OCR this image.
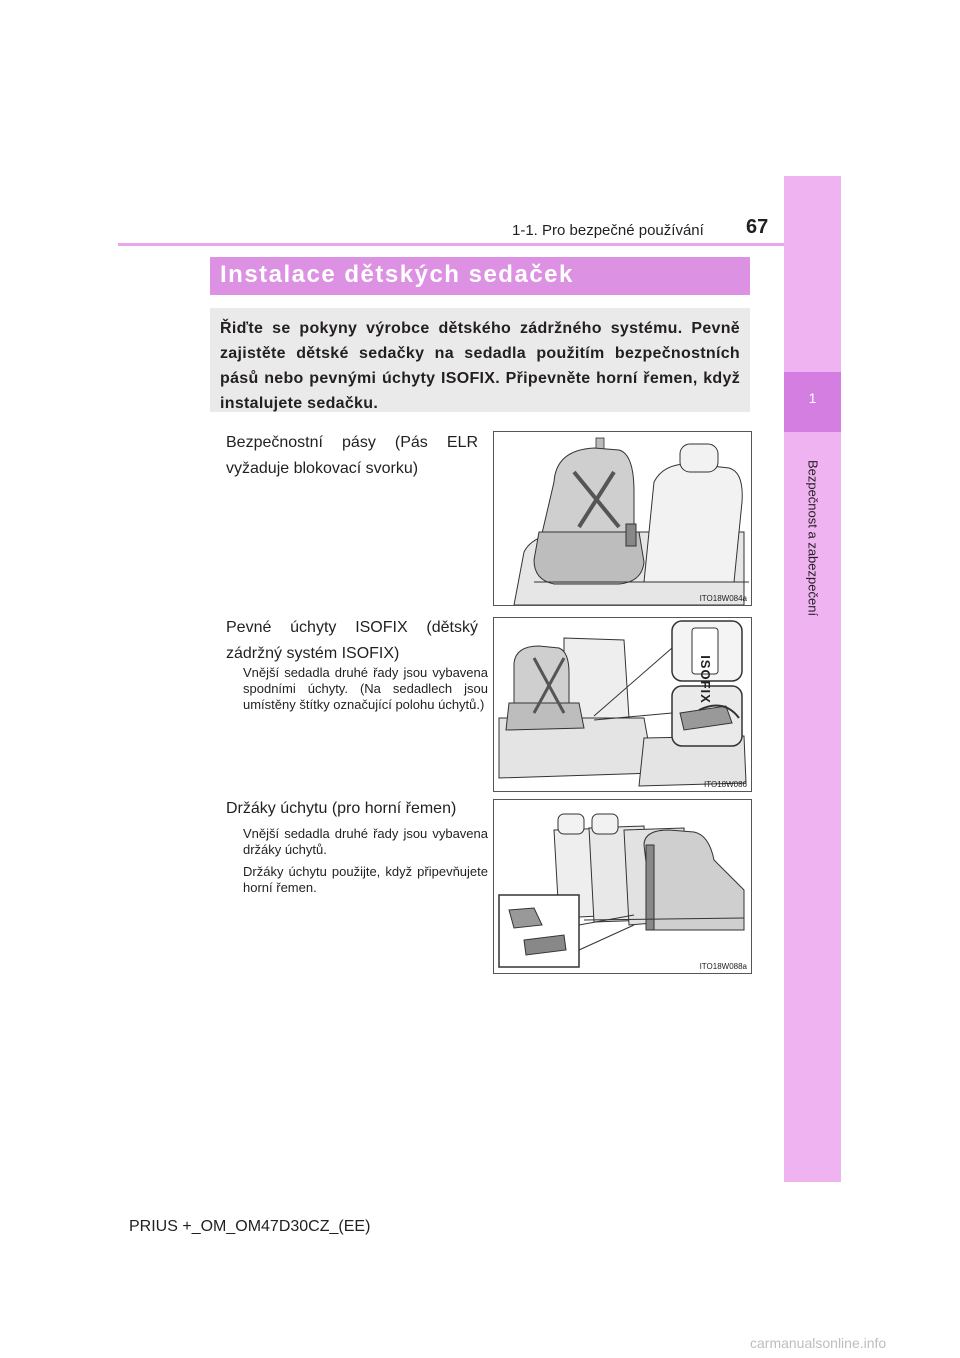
1
Bezpečnost a zabezpečení
1-1. Pro bezpečné používání 67
Instalace dětských sedaček

Řiďte se pokyny výrobce dětského zádržného systému. Pevně zajistěte dětské sedačky na sedadla použitím bezpečnostních pásů nebo pevnými úchyty ISOFIX. Připevněte horní řemen, když instalujete sedačku.

Bezpečnostní pásy (Pás ELR vyžaduje blokovací svorku)
ITO18W084a
Pevné úchyty ISOFIX (dětský zádržný systém ISOFIX)
Vnější sedadla druhé řady jsou vybavena spodními úchyty. (Na sedadlech jsou umístěny štítky označující polohu úchytů.)
ISOFIX
ITO18W086
Držáky úchytu (pro horní řemen)
Vnější sedadla druhé řady jsou vybavena držáky úchytů.
Držáky úchytu použijte, když připevňujete horní řemen.
ITO18W088a
PRIUS +_OM_OM47D30CZ_(EE)
carmanualsonline.info
